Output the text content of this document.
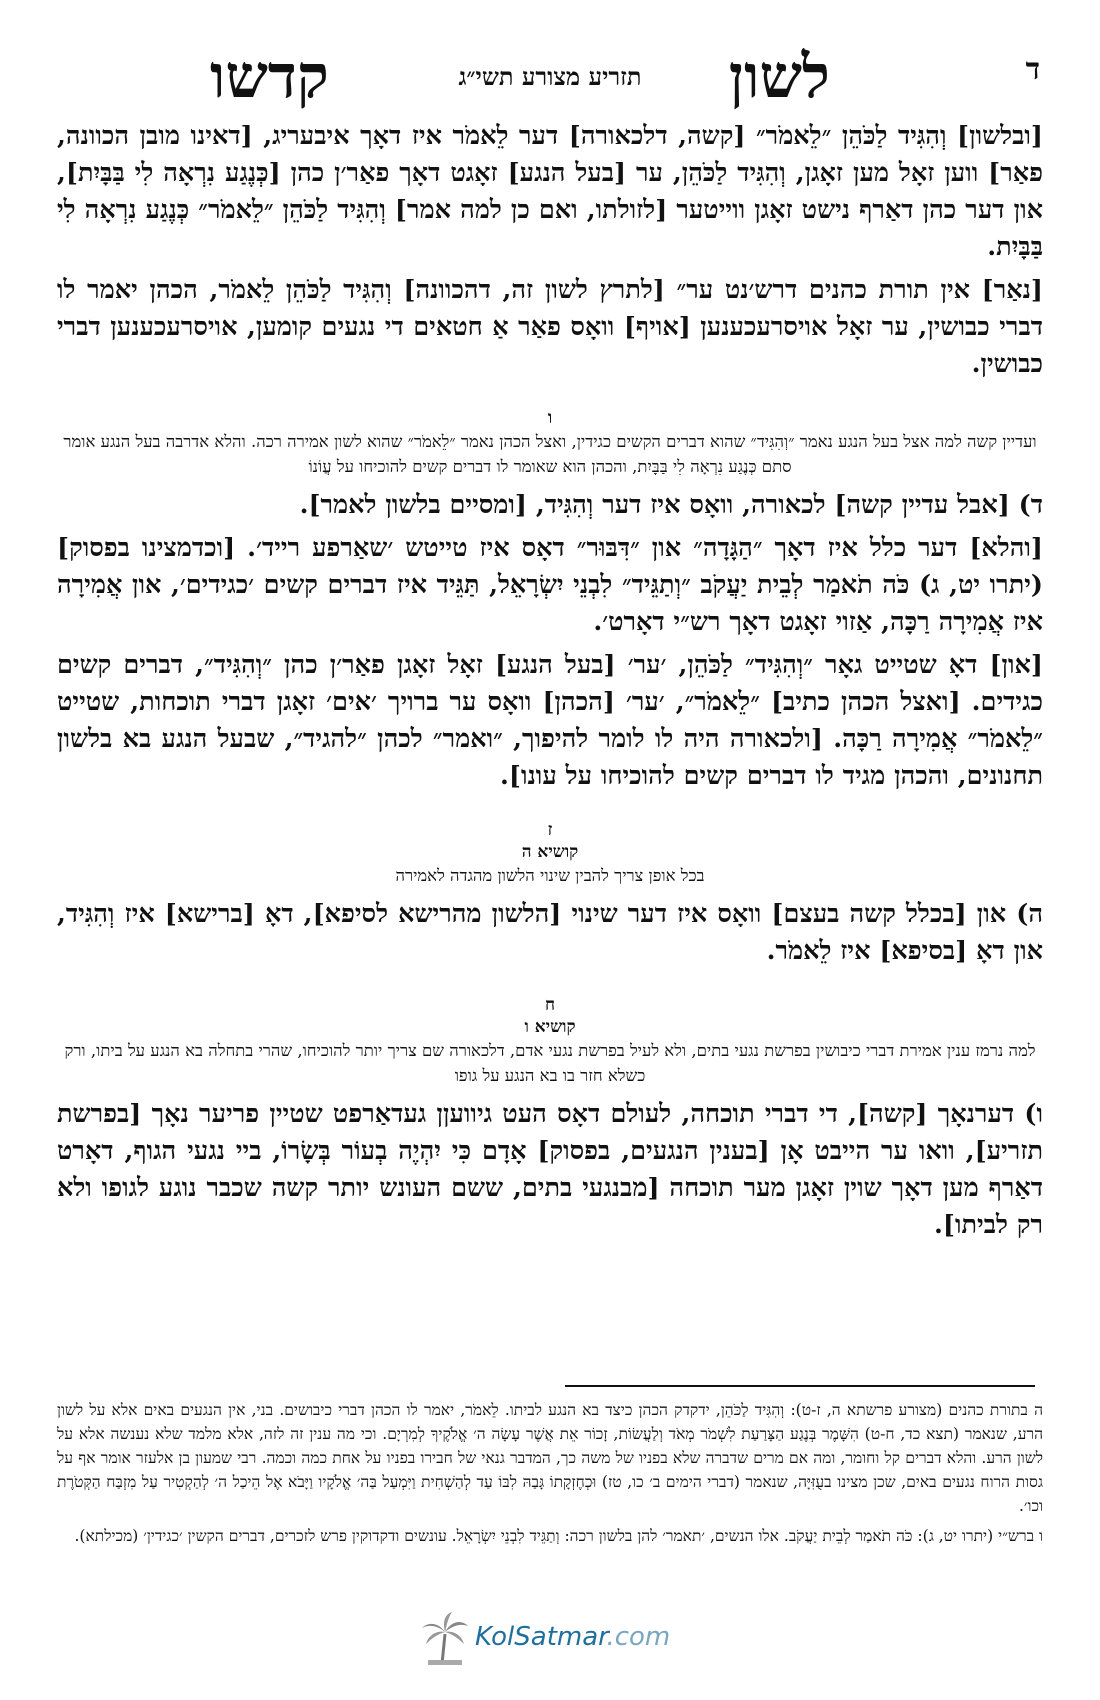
ד
לשון
תזריע מצורע תשי״ג
קדשו

[ובלשון] וְהִגִּיד לַכֹּהֵן ״לֵאמֹר״ [קשה, דלכאורה] דער לֵאמֹר איז דאָך איבעריג, [דאינו מובן הכוונה, פאַר] ווען זאָל מען זאָגן, וְהִגִּיד לַכֹּהֵן, ער [בעל הנגע] זאָגט דאָך פאַר׳ן כהן [כְּנֶגַע נִרְאָה לִי בַּבָּיִת], און דער כהן דאַרף נישט זאָגן ווייטער [לזולתו, ואם כן למה אמר] וְהִגִּיד לַכֹּהֵן ״לֵאמֹר״ כְּנֶגַע נִרְאָה לִי בַּבָּיִת.

[נאַר] אין תורת כהנים דרש׳נט ער״ [לתרץ לשון זה, דהכוונה] וְהִגִּיד לַכֹּהֵן לֵאמֹר, הכהן יאמר לו דברי כבושין, ער זאָל אויסרעכענען [אויף] וואָס פאַר אַ חטאים די נגעים קומען, אויסרעכענען דברי כבושין.

ו
ועדיין קשה למה אצל בעל הנגע נאמר ״וְהִגִּיד״ שהוא דברים הקשים כגידין, ואצל הכהן נאמר ״לֵאמֹר״ שהוא לשון אמירה רכה. והלא אדרבה בעל הנגע אומר סתם כְּנֶגַע נִרְאָה לִי בַּבָּיִת, והכהן הוא שאומר לו דברים קשים להוכיחו על עֲוֹנוֹ

ד) [אבל עדיין קשה] לכאורה, וואָס איז דער וְהִגִּיד, [ומסיים בלשון לאמר].

[והלא] דער כלל איז דאָך ״הַגָּדָה״ און ״דִּבּוּר״ דאָס איז טייטש ׳שאַרפע רייד׳. [וכדמצינו בפסוק] (יתרו יט, ג) כֹּה תֹאמַר לְבֵית יַעֲקֹב ״וְתַגֵּיד״ לִבְנֵי יִשְׂרָאֵל, תַּגֵּיד איז דברים קשים ׳כגידים׳, און אֲמִירָה איז אֲמִירָה רַכָּה, אַזוי זאָגט דאָך רש״י דאָרט׳.

[און] דאָ שטייט גאָר ״וְהִגִּיד״ לַכֹּהֵן, ׳ער׳ [בעל הנגע] זאָל זאָגן פאַר׳ן כהן ״וְהִגִּיד״, דברים קשים כגידים. [ואצל הכהן כתיב] ״לֵאמֹר״, ׳ער׳ [הכהן] וואָס ער ברויך ׳אים׳ זאָגן דברי תוכחות, שטייט ״לֵאמֹר״ אֲמִירָה רַכָּה. [ולכאורה היה לו לומר להיפוך, ״ואמר״ לכהן ״להגיד״, שבעל הנגע בא בלשון תחנונים, והכהן מגיד לו דברים קשים להוכיחו על עונו].

ז
קושיא ה
בכל אופן צריך להבין שינוי הלשון מהגדה לאמירה

ה) און [בכלל קשה בעצם] וואָס איז דער שינוי [הלשון מהרישא לסיפא], דאָ [ברישא] איז וְהִגִּיד, און דאָ [בסיפא] איז לֵאמֹר.

ח
קושיא ו
למה נרמז ענין אמירת דברי כיבושין בפרשת נגעי בתים, ולא לעיל בפרשת נגעי אדם, דלכאורה שם צריך יותר להוכיחו, שהרי בתחלה בא הנגע על ביתו, ורק כשלא חזר בו בא הנגע על גופו

ו) דערנאָך [קשה], די דברי תוכחה, לעולם דאָס העט גיוועןן געדאַרפט שטיין פריער נאָך [בפרשת תזריע], וואו ער הייבט אָן [בענין הנגעים, בפסוק] אָדָם כִּי יִהְיֶה בְעוֹר בְּשָׂרוֹ, ביי נגעי הגוף, דאָרט דאַרף מען דאָך שוין זאָגן מער תוכחה [מבנגעי בתים, ששם העונש יותר קשה שכבר נוגע לגופו ולא רק לביתו].

ה בתורת כהנים (מצורע פרשתא ה, ז-ט): וְהִגִּיד לַכֹּהֵן, ידקדק הכהן כיצד בא הנגע לביתו. לֵאמֹר, יאמר לו הכהן דברי כיבושים. בני, אין הנגעים באים אלא על לשון הרע, שנאמר (תצא כד, ח-ט) הִשָּׁמֶר בְּנֶגַע הַצָּרַעַת לִשְׁמֹר מְאֹד וְלַעֲשׂוֹת, זָכוֹר אֵת אֲשֶׁר עָשָׂה ה׳ אֱלֹקֶיךָ לְמִרְיָם. וכי מה ענין זה לזה, אלא מלמד שלא נענשה אלא על לשון הרע. והלא דברים קל וחומר, ומה אם מרים שדברה שלא בפניו של משה כך, המדבר גנאי של חבירו בפניו על אחת כמה וכמה. רבי שמעון בן אלעזר אומר אף על גסות הרוח נגעים באים, שכן מצינו בעֻזִּיָּה, שנאמר (דברי הימים ב׳ כו, טז) וּכְחֶזְקָתוֹ גָּבַהּ לִבּוֹ עַד לְהַשְׁחִית וַיִּמְעַל בַּה׳ אֱלֹקָיו וַיָּבֹא אֶל הֵיכַל ה׳ לְהַקְטִיר עַל מִזְבַּח הַקְּטֹרֶת וכו׳.

ו ברש״י (יתרו יט, ג): כֹּה תֹאמַר לְבֵית יַעֲקֹב. אלו הנשים, ׳תאמר׳ להן בלשון רכה: וְתַגֵּיד לִבְנֵי יִשְׂרָאֵל. עונשים ודקדוקין פרש לזכרים, דברים הקשין ׳כגידין׳ (מכילתא).

KolSatmar.com
